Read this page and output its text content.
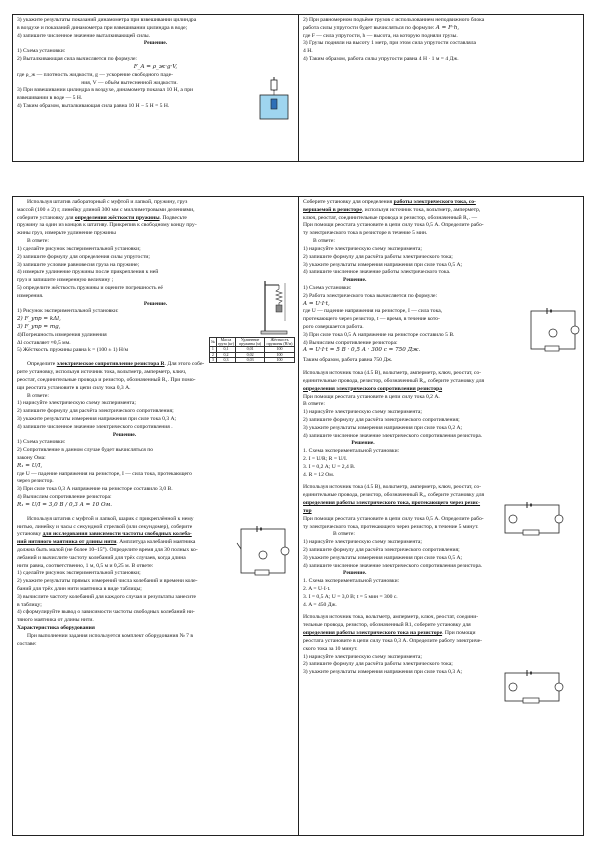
3) укажите результаты показаний динамометра при взвешивании цилиндра

в воздухе и показаний динамометра при взвешивании цилиндра в воде;

4) запишите численное значение выталкивающей силы.

Решение.

1) Схема установки:

2) Выталкивающая сила вычисляется по формуле:

F_A = ρ_ж·g·V,

где ρ_ж — плотность жидкости, g — ускорение свободного паде-

ния, V — объём вытесненной жидкости.

3) При взвешивании цилиндра в воздухе, динамометр показал 10 Н, а при

взвешивании в воде — 5 Н.

4) Таким образом, выталкивающая сила равна 10 Н − 5 Н = 5 Н.

2) При равномерном подъёме грузов с использованием неподвижного блока

работа силы упругости будет вычисляться по формуле: A = F·h,

где F — сила упругости, h — высота, на которую подняли грузы.

3) Грузы подняли на высоту 1 метр, при этом сила упругости составляла

4 Н.

4) Таким образом, работа силы упругости равна 4 Н · 1 м = 4 Дж.

Используя штатив лабораторный с муфтой и лапкой, пружину, груз

массой (100 ± 2) г, линейку длиной 300 мм с миллиметровыми делениями,

соберите установку для определения жёсткости пружины. Подвесьте

пружину за один из концов к штативу. Прикрепив к свободному концу пру-

жины груз, измерьте удлинение пружины

В ответе:

1) сделайте рисунок экспериментальной установки;

2) запишите формулу для определения силы упругости;

3) запишите условие равновесия груза на пружине;

4) измерьте удлинение пружины после прикрепления к ней

груз и запишите измеренную величину ;

5) определите жёсткость пружины и оцените погрешность её

измерения.

Решение.

1) Рисунок экспериментальной установки:

2) F_упр = kΔl,

3) F_упр = mg,

4)Погрешность измерения удлинения

Δl составляет ≈0,5 мм.

5) Жёсткость пружины равна k = (100 ± 1) Н/м

№	Масса груза (кг)	Удлинение пружины (м)	Жёсткость пружины (Н/м)
1	0,1	0,01	100
2	0,2	0,02	100
3	0,3	0,03	100

Определите электрическое сопротивление резистора R. Для этого собе-

рите установку, используя источник тока, вольтметр, амперметр, ключ,

реостат, соединительные провода и резистор, обозначенный R₁. При помо-

щи реостата установите в цепи силу тока 0,3 А.

В ответе:

1) нарисуйте электрическую схему эксперимента;

2) запишите формулу для расчёта электрического сопротивления;

3) укажите результаты измерения напряжения при силе тока 0,3 А;

4) запишите численное значение электрического сопротивления .

Решение.

1) Схема установки:

2) Сопротивление в данном случае будет вычисляться по

закону Ома:

R₁ = U/I,

где U — падение напряжения на резисторе, I — сила тока, протекающего

через резистор.

3) При силе тока 0,3 А напряжение на резисторе составило 3,0 В.

4) Вычислим сопротивление резистора:

R₁ = U/I = 3,0 В / 0,3 А = 10 Ом.

Используя штатив с муфтой и лапкой, шарик с прикреплённой к нему

нитью, линейку и часы с секундной стрелкой (или секундомер), соберите

установку для исследования зависимости частоты свободных колеба-

ний нитяного маятника от длины нити. Амплитуда колебаний маятника

должна быть малой (не более 10–15°). Определите время для 30 полных ко-

лебаний и вычислите частоту колебаний для трёх случаев, когда длина

нити равна, соответственно, 1 м, 0,5 м и 0,25 м. В ответе:

1) сделайте рисунок экспериментальной установки;

2) укажите результаты прямых измерений числа колебаний и времени коле-

баний для трёх длин нити маятника в виде таблицы;

3) вычислите частоту колебаний для каждого случая и результаты занесите

в таблицу;

4) сформулируйте вывод о зависимости частоты свободных колебаний ни-

тяного маятника от длины нити.

Характеристика оборудования

При выполнении задания используется комплект оборудования № 7 в

составе:

Соберите установку для определения работы электрического тока, со-

вершаемой в резисторе, используя источник тока, вольтметр, амперметр,

ключ, реостат, соединительные провода и резистор, обозначенный R₁. —

При помощи реостата установите в цепи силу тока 0,5 А. Определите рабо-

ту электрического тока в резисторе в течение 5 мин.

В ответе:

1) нарисуйте электрическую схему эксперимента;

2) запишите формулу для расчёта работы электрического тока;

3) укажите результаты измерения напряжения при силе тока 0,5 А;

4) запишите численное значение работы электрического тока.

Решение.

1) Схема установки:

2) Работа электрического тока вычисляется по формуле:

A = U·I·t,

где U — падение напряжения на резисторе, I — сила тока,

протекающего через резистор, t — время, в течение кото-

рого совершается работа.

3) При силе тока 0,5 А напряжение на резисторе составило 5 В.

4) Вычислим сопротивление резистора:

A = U·I·t = 5 В · 0,5 А · 300 с = 750 Дж.

Таким образом, работа равна 750 Дж.

Используя источник тока (4.5 В), вольтметр, амперметр, ключ, реостат, со-

единительные провода, резистор, обозначенный R₂, соберите установку для

определения электрического сопротивления резистора

При помощи реостата установите в цепи силу тока 0,2 А.

В ответе:

1) нарисуйте электрическую схему эксперимента;

2) запишите формулу для расчёта электрического сопротивления;

3) укажите результаты измерения напряжения при силе тока 0,2 А;

4) запишите численное значение электрического сопротивления резистора.

Решение.

1. Схема экспериментальной установки:

2. I = U/R; R = U/I.

3. I = 0,2 А; U = 2,4 В.

4. R = 12 Ом.

Используя источник тока (4.5 В), вольтметр, амперметр, ключ, реостат, со-

единительные провода, резистор, обозначенный R₂, соберите установку для

определения работы электрического тока, протекающего через резис-

тор

При помощи реостата установите в цепи силу тока 0,5 А. Определите рабо-

ту электрического тока, протекающего через резистор, в течение 5 минут.

В ответе:

1) нарисуйте электрическую схему эксперимента;

2) запишите формулу для расчёта электрического сопротивления;

3) укажите результаты измерения напряжения при силе тока 0,5 А;

4) запишите численное значение электрического сопротивления резистора.

Решение.

1. Схема экспериментальной установки:

2. A = U·I·t.

3. I = 0,5 А; U = 3,0 В; t = 5 мин = 300 с.

4. A = 450 Дж.

Используя источник тока, вольтметр, амперметр, ключ, реостат, соедини-

тельные провода, резистор, обозначенный R1, соберите установку для

определения работы электрического тока на резисторе. При помощи

реостата установите в цепи силу тока 0,3 А. Определите работу электриче-

ского тока за 10 минут.

1) нарисуйте электрическую схему эксперимента;

2) запишите формулу для расчёта работы электрического тока;

3) укажите результаты измерения напряжения при силе тока 0,3 А;
